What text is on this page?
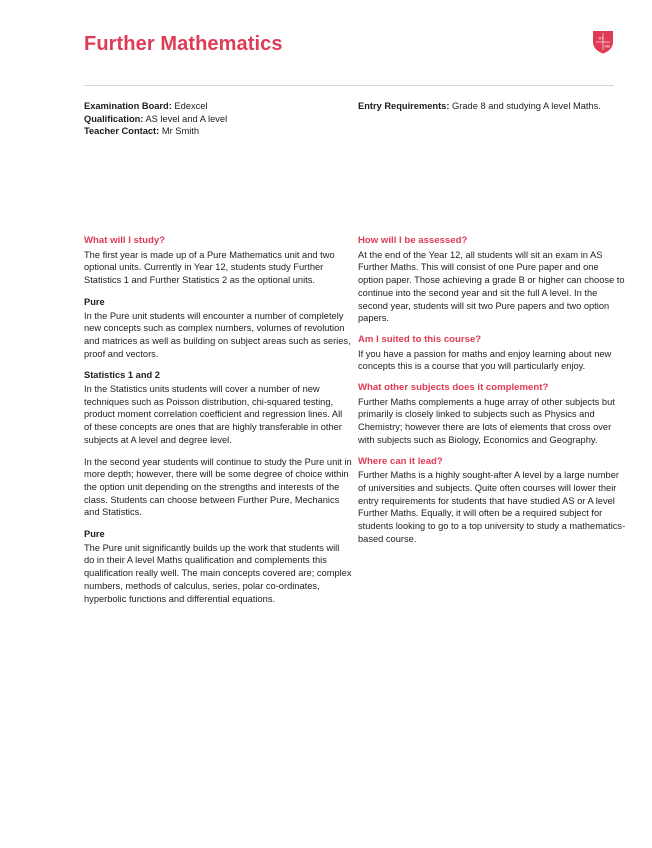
Further Mathematics	ST
AB
Examination Board: Edexcel
Qualification: AS level and A level
Teacher Contact: Mr Smith
Entry Requirements: Grade 8 and studying A level Maths.
What will I study?

The first year is made up of a Pure Mathematics unit and two optional units. Currently in Year 12, students study Further Statistics 1 and Further Statistics 2 as the optional units.

Pure

In the Pure unit students will encounter a number of completely new concepts such as complex numbers, volumes of revolution and matrices as well as building on subject areas such as series, proof and vectors.

Statistics 1 and 2

In the Statistics units students will cover a number of new techniques such as Poisson distribution, chi-squared testing, product moment correlation coefficient and regression lines. All of these concepts are ones that are highly transferable in other subjects at A level and degree level.

In the second year students will continue to study the Pure unit in more depth; however, there will be some degree of choice within the option unit depending on the strengths and interests of the class. Students can choose between Further Pure, Mechanics and Statistics.

Pure

The Pure unit significantly builds up the work that students will do in their A level Maths qualification and complements this qualification really well. The main concepts covered are; complex numbers, methods of calculus, series, polar co-ordinates, hyperbolic functions and differential equations.

How will I be assessed?

At the end of the Year 12, all students will sit an exam in AS Further Maths. This will consist of one Pure paper and one option paper. Those achieving a grade B or higher can choose to continue into the second year and sit the full A level. In the second year, students will sit two Pure papers and two option papers.

Am I suited to this course?

If you have a passion for maths and enjoy learning about new concepts this is a course that you will particularly enjoy.

What other subjects does it complement?

Further Maths complements a huge array of other subjects but primarily is closely linked to subjects such as Physics and Chemistry; however there are lots of elements that cross over with subjects such as Biology, Economics and Geography.

Where can it lead?

Further Maths is a highly sought-after A level by a large number of universities and subjects. Quite often courses will lower their entry requirements for students that have studied AS or A level Further Maths. Equally, it will often be a required subject for students looking to go to a top university to study a mathematics-based course.
